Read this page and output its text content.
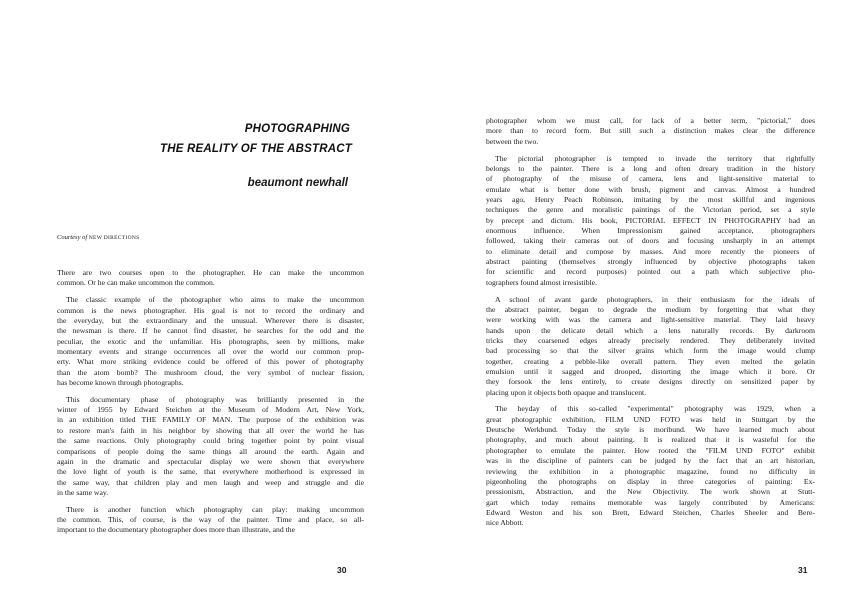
PHOTOGRAPHING
THE REALITY OF THE ABSTRACT
beaumont newhall
Courtesy of NEW DIRECTIONS
There are two courses open to the photographer. He can make the uncommon
common. Or he can make uncommon the common.
The classic example of the photographer who aims to make the uncommon
common is the news photographer. His goal is not to record the ordinary and
the everyday, but the extraordinary and the unusual. Wherever there is disaster,
the newsman is there. If he cannot find disaster, he searches for the odd and the
peculiar, the exotic and the unfamiliar. His photographs, seen by millions, make
momentary events and strange occurrences all over the world our common prop-
erty. What more striking evidence could be offered of this power of photography
than the atom bomb? The mushroom cloud, the very symbol of nuclear fission,
has become known through photographs.
This documentary phase of photography was brilliantly presented in the
winter of 1955 by Edward Steichen at the Museum of Modern Art, New York,
in an exhibition titled THE FAMILY OF MAN. The purpose of the exhibition was
to restore man's faith in his neighbor by showing that all over the world he has
the same reactions. Only photography could bring together point by point visual
comparisons of people doing the same things all around the earth. Again and
again in the dramatic and spectacular display we were shown that everywhere
the love light of youth is the same, that everywhere motherhood is expressed in
the same way, that children play and men laugh and weep and struggle and die
in the same way.
There is another function which photography can play: making uncommon
the common. This, of course, is the way of the painter. Time and place, so all-
important to the documentary photographer does more than illustrate, and the
30
photographer whom we must call, for lack of a better term, "pictorial," does
more than to record form. But still such a distinction makes clear the difference
between the two.
The pictorial photographer is tempted to invade the territory that rightfully
belongs to the painter. There is a long and often dreary tradition in the history
of photography of the misuse of camera, lens and light-sensitive material to
emulate what is better done with brush, pigment and canvas. Almost a hundred
years ago, Henry Peach Robinson, imitating by the most skillful and ingenious
techniques the genre and moralistic paintings of the Victorian period, set a style
by precept and dictum. His book, PICTORIAL EFFECT IN PHOTOGRAPHY had an
enormous influence. When Impressionism gained acceptance, photographers
followed, taking their cameras out of doors and focusing unsharply in an attempt
to eliminate detail and compose by masses. And more recently the pioneers of
abstract painting (themselves strongly influenced by objective photographs taken
for scientific and record purposes) pointed out a path which subjective pho-
tographers found almost irresistible.
A school of avant garde photographers, in their enthusiasm for the ideals of
the abstract painter, began to degrade the medium by forgetting that what they
were working with was the camera and light-sensitive material. They laid heavy
hands upon the delicate detail which a lens naturally records. By darkroom
tricks they coarsened edges already precisely rendered. They deliberately invited
bad processing so that the silver grains which form the image would clump
together, creating a pebble-like overall pattern. They even melted the gelatin
emulsion until it sagged and drooped, distorting the image which it bore. Or
they forsook the lens entirely, to create designs directly on sensitized paper by
placing upon it objects both opaque and translucent.
The heyday of this so-called "experimental" photography was 1929, when a
great photographic exhibition, FILM UND FOTO was held in Stuttgart by the
Deutsche Werkbund. Today the style is moribund. We have learned much about
photography, and much about painting. It is realized that it is wasteful for the
photographer to emulate the painter. How rooted the "FILM UND FOTO" exhibit
was in the discipline of painters can be judged by the fact that an art historian,
reviewing the exhibition in a photographic magazine, found no difficulty in
pigeonholing the photographs on display in three categories of painting: Ex-
pressionism, Abstraction, and the New Objectivity. The work shown at Stutt-
gart which today remains memorable was largely contributed by Americans:
Edward Weston and his son Brett, Edward Steichen, Charles Sheeler and Bere-
nice Abbott.
31
